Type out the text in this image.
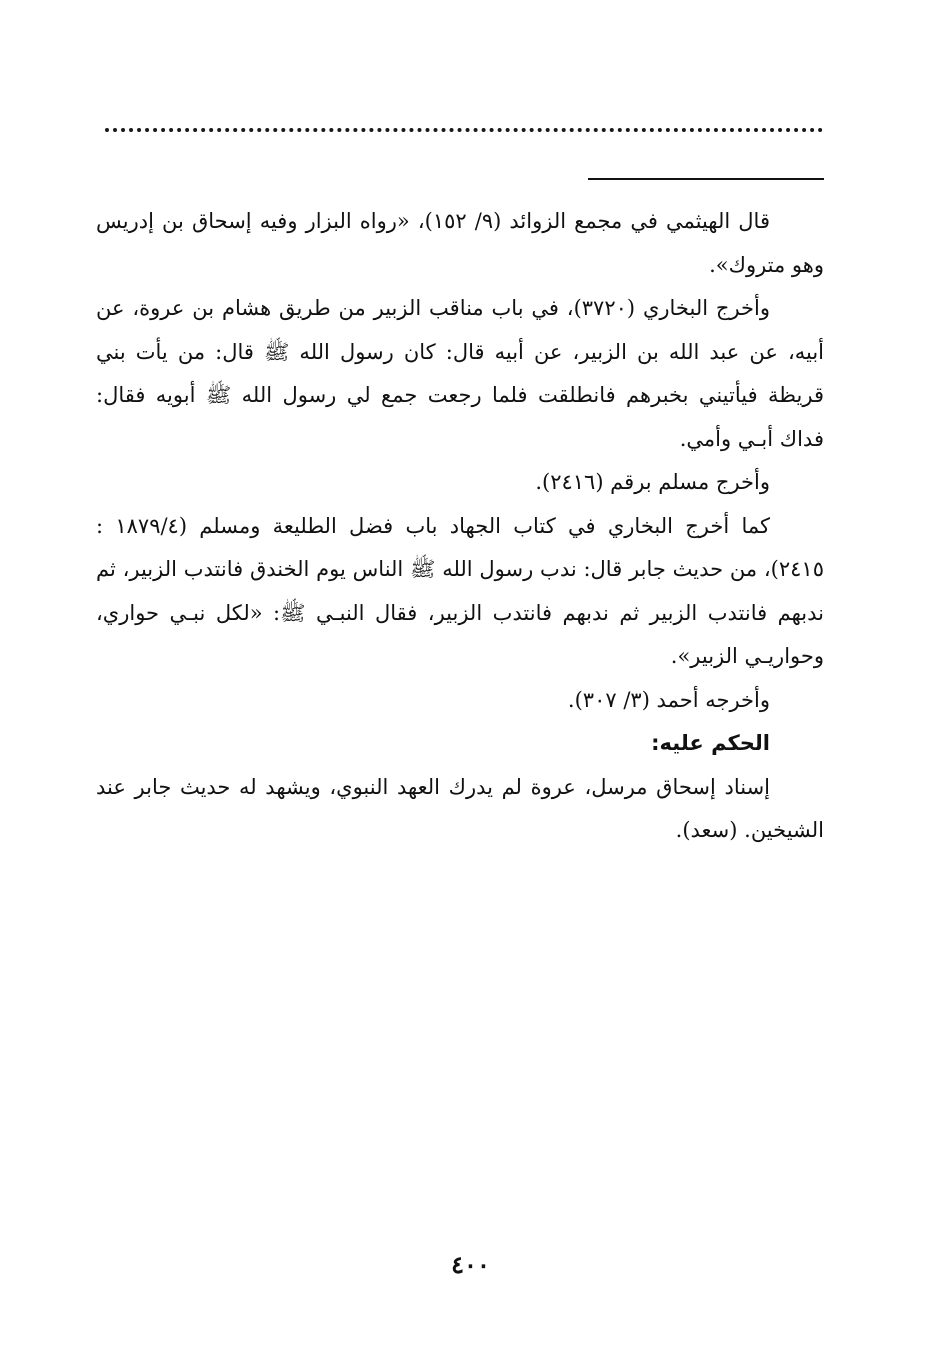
قال الهيثمي في مجمع الزوائد (٩/ ١٥٢)، «رواه البزار وفيه إسحاق بن إدريس وهو متروك».

وأخرج البخاري (٣٧٢٠)، في باب مناقب الزبير من طريق هشام بن عروة، عن أبيه، عن عبد الله بن الزبير، عن أبيه قال: كان رسول الله ﷺ قال: من يأت بني قريظة فيأتيني بخبرهم فانطلقت فلما رجعت جمع لي رسول الله ﷺ أبويه فقال: فداك أبـي وأمي.

وأخرج مسلم برقم (٢٤١٦).

كما أخرج البخاري في كتاب الجهاد باب فضل الطليعة ومسلم (١٨٧٩/٤ : ٢٤١٥)، من حديث جابر قال: ندب رسول الله ﷺ الناس يوم الخندق فانتدب الزبير، ثم ندبهم فانتدب الزبير ثم ندبهم فانتدب الزبير، فقال النبـي ﷺ: «لكل نبـي حواري، وحواريـي الزبير».

وأخرجه أحمد (٣/ ٣٠٧).

الحكم عليه:

إسناد إسحاق مرسل، عروة لم يدرك العهد النبوي، ويشهد له حديث جابر عند الشيخين. (سعد).

٤٠٠
